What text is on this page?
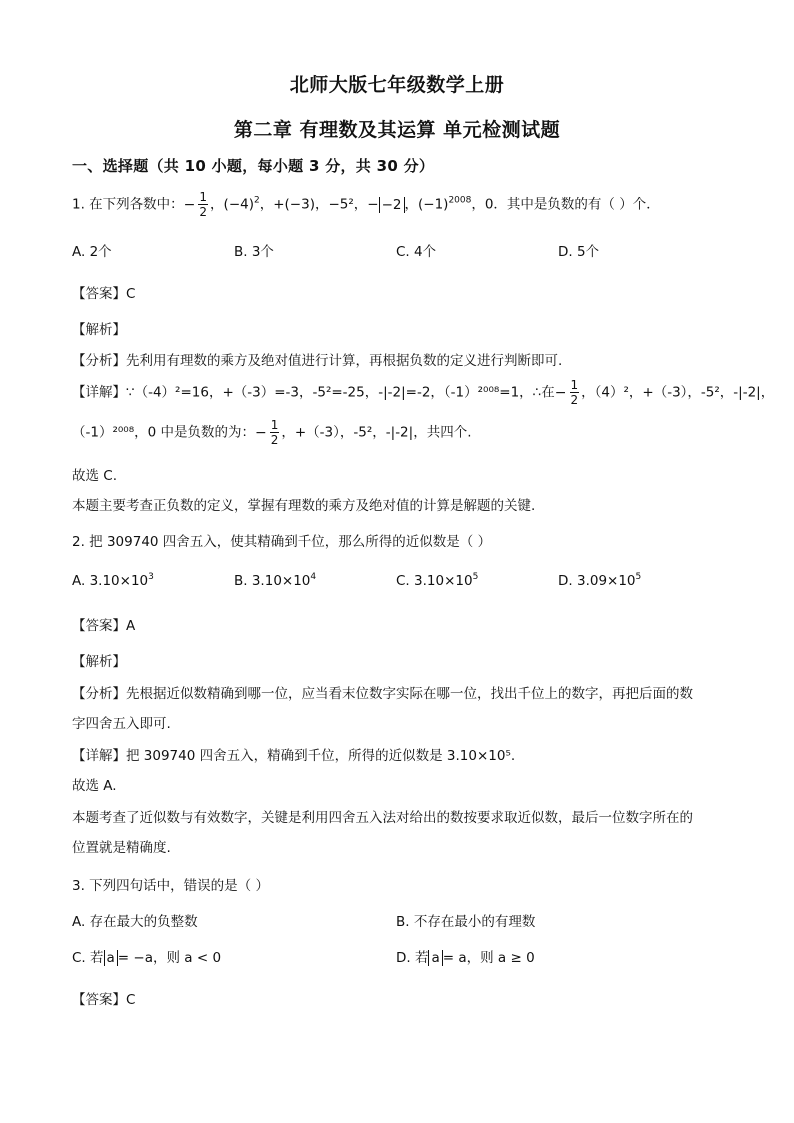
北师大版七年级数学上册
第二章 有理数及其运算 单元检测试题
一、选择题（共 10 小题，每小题 3 分，共 30 分）
1. 在下列各数中：− $\frac{1}{2}$ ，$(-4)^2$，+(−3)，−5²，− −2 ，$(-1)^{2008}$，0．其中是负数的有（ ）个．
A. 2个	B. 3个	C. 4个	D. 5个
【答案】C
【解析】
【分析】先利用有理数的乘方及绝对值进行计算，再根据负数的定义进行判断即可.
【详解】∵（-4）²=16，+（-3）=-3，-5²=-25，-|-2|=-2，（-1）²⁰⁰⁸=1，∴在− $\frac{1}{2}$ ，（4）²，+（-3），-5²，-|-2|，
（-1）²⁰⁰⁸，0 中是负数的为：− $\frac{1}{2}$ ，+（-3），-5²，-|-2|，共四个.
故选 C.
本题主要考查正负数的定义，掌握有理数的乘方及绝对值的计算是解题的关键.
2. 把 309740 四舍五入，使其精确到千位，那么所得的近似数是（ ）
A. $3.10\times 10^3$	B. $3.10\times 10^4$	C. $3.10\times 10^5$	D. $3.09\times 10^5$
【答案】A
【解析】
【分析】先根据近似数精确到哪一位，应当看末位数字实际在哪一位，找出千位上的数字，再把后面的数
字四舍五入即可.
【详解】把 309740 四舍五入，精确到千位，所得的近似数是 3.10×10⁵.
故选 A.
本题考查了近似数与有效数字，关键是利用四舍五入法对给出的数按要求取近似数，最后一位数字所在的
位置就是精确度.
3. 下列四句话中，错误的是（ ）
A. 存在最大的负整数	B. 不存在最小的有理数
C. 若 a = −a，则 a < 0	D. 若 a = a，则 a ≥ 0
【答案】C
